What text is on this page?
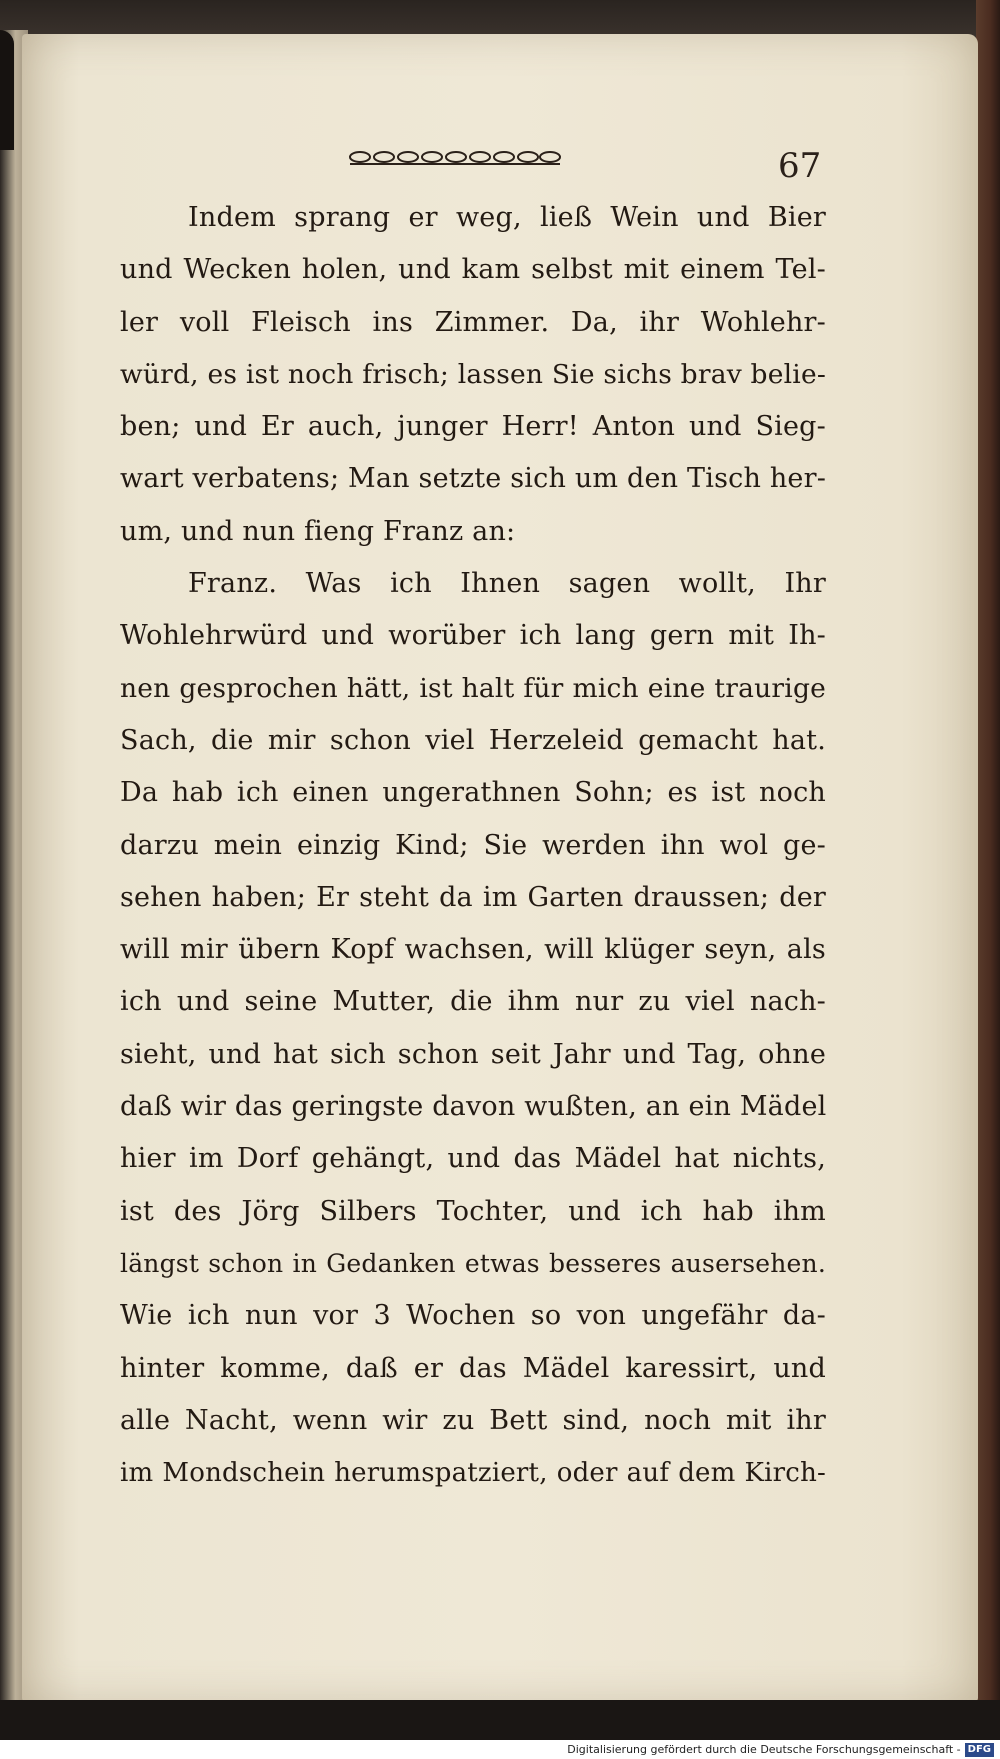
67
Indem sprang er weg, ließ Wein und Bier
und Wecken holen, und kam selbst mit einem Tel-
ler voll Fleisch ins Zimmer. Da, ihr Wohlehr-
würd, es ist noch frisch; lassen Sie sichs brav belie-
ben; und Er auch, junger Herr! Anton und Sieg-
wart verbatens; Man setzte sich um den Tisch her-
um, und nun fieng Franz an:
Franz. Was ich Ihnen sagen wollt, Ihr
Wohlehrwürd und worüber ich lang gern mit Ih-
nen gesprochen hätt, ist halt für mich eine traurige
Sach, die mir schon viel Herzeleid gemacht hat.
Da hab ich einen ungerathnen Sohn; es ist noch
darzu mein einzig Kind; Sie werden ihn wol ge-
sehen haben; Er steht da im Garten draussen; der
will mir übern Kopf wachsen, will klüger seyn, als
ich und seine Mutter, die ihm nur zu viel nach-
sieht, und hat sich schon seit Jahr und Tag, ohne
daß wir das geringste davon wußten, an ein Mädel
hier im Dorf gehängt, und das Mädel hat nichts,
ist des Jörg Silbers Tochter, und ich hab ihm
längst schon in Gedanken etwas besseres ausersehen.
Wie ich nun vor 3 Wochen so von ungefähr da-
hinter komme, daß er das Mädel karessirt, und
alle Nacht, wenn wir zu Bett sind, noch mit ihr
im Mondschein herumspatziert, oder auf dem Kirch-
Digitalisierung gefördert durch die Deutsche Forschungsgemeinschaft - DFG
